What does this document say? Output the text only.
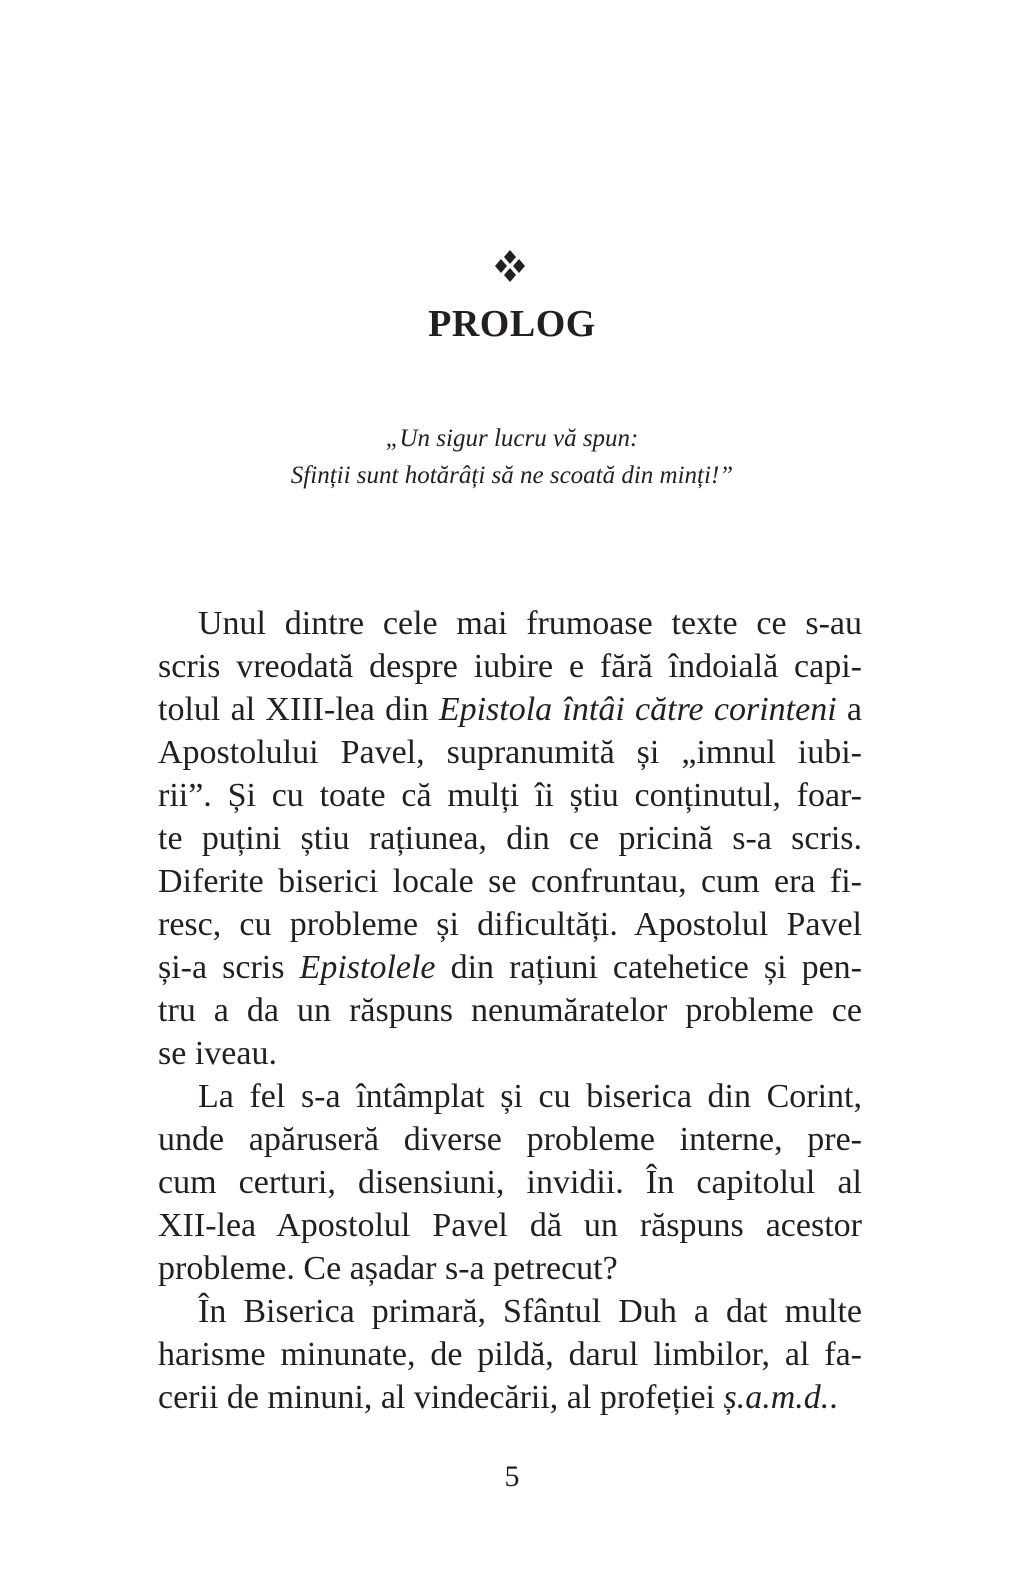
PROLOG
„Un sigur lucru vă spun:
Sfinții sunt hotărâți să ne scoată din minți!”
Unul dintre cele mai frumoase texte ce s-au
scris vreodată despre iubire e fără îndoială capi-
tolul al XIII-lea din Epistola întâi către corinteni a
Apostolului Pavel, supranumită și „imnul iubi-
rii”. Și cu toate că mulți îi știu conținutul, foar-
te puțini știu rațiunea, din ce pricină s-a scris.
Diferite biserici locale se confruntau, cum era fi-
resc, cu probleme și dificultăți. Apostolul Pavel
și-a scris Epistolele din rațiuni catehetice și pen-
tru a da un răspuns nenumăratelor probleme ce
se iveau.
La fel s-a întâmplat și cu biserica din Corint,
unde apăruseră diverse probleme interne, pre-
cum certuri, disensiuni, invidii. În capitolul al
XII-lea Apostolul Pavel dă un răspuns acestor
probleme. Ce așadar s-a petrecut?
În Biserica primară, Sfântul Duh a dat multe
harisme minunate, de pildă, darul limbilor, al fa-
cerii de minuni, al vindecării, al profeției ș.a.m.d..
5
